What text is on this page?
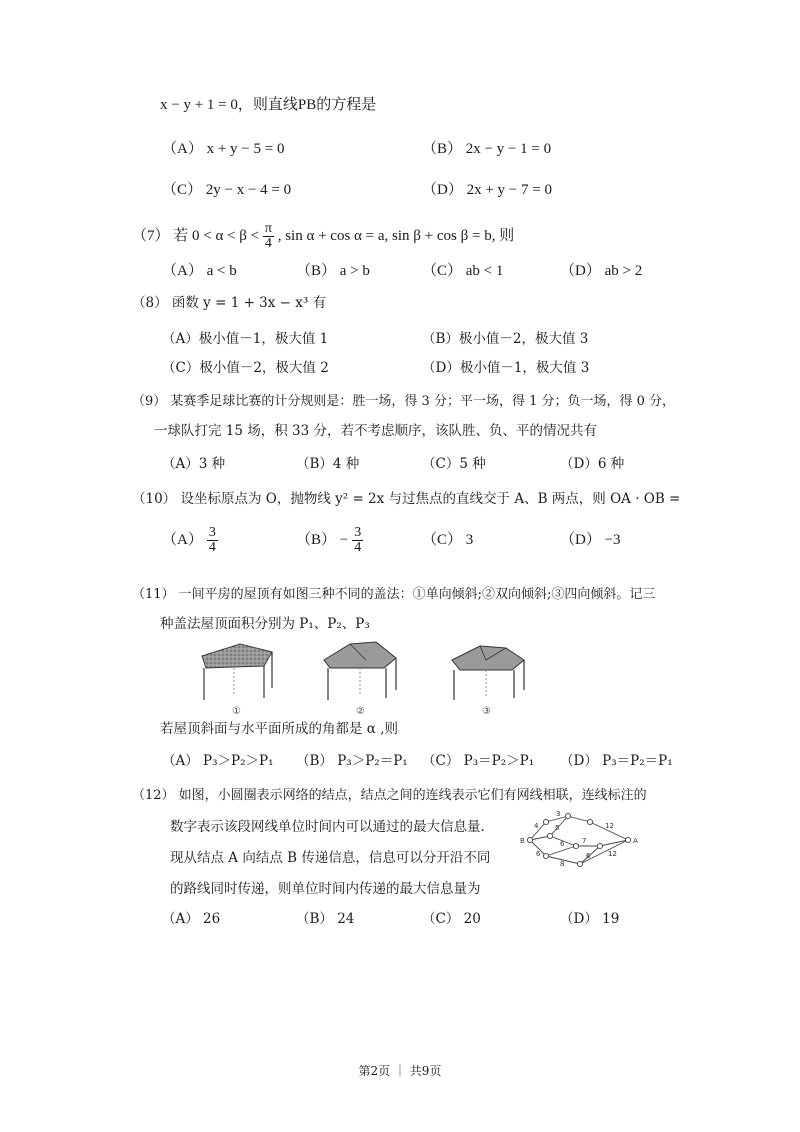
x − y + 1 = 0，则直线PB的方程是
（A） x + y − 5 = 0	（B） 2x − y − 1 = 0
（C） 2y − x − 4 = 0	（D） 2x + y − 7 = 0
（7） 若 $0 < \alpha < \beta < \frac{\pi}{4}$ , sin α + cos α = a, sin β + cos β = b, 则
（A） a < b	（B） a > b	（C） ab < 1	（D） ab > 2
（8） 函数 y = 1 + 3x − x³ 有
（A）极小值－1，极大值 1	（B）极小值－2，极大值 3
（C）极小值－2，极大值 2	（D）极小值－1，极大值 3
（9） 某赛季足球比赛的计分规则是：胜一场，得 3 分；平一场，得 1 分；负一场，得 0 分，
一球队打完 15 场，积 33 分，若不考虑顺序，该队胜、负、平的情况共有
（A）3 种	（B）4 种	（C）5 种	（D）6 种
（10） 设坐标原点为 O，抛物线 y² = 2x 与过焦点的直线交于 A、B 两点，则 OA · OB =
$(A) \frac{3}{4}$	$(B) - \frac{3}{4}$	（C） 3	（D） −3
（11） 一间平房的屋顶有如图三种不同的盖法：①单向倾斜;②双向倾斜;③四向倾斜。记三
种盖法屋顶面积分别为 P₁、P₂、P₃
①	②	③
若屋顶斜面与水平面所成的角都是 α ,则
（A） P₃＞P₂＞P₁ （B） P₃＞P₂＝P₁ （C） P₃＝P₂＞P₁ （D） P₃＝P₂＝P₁
（12） 如图，小圆圈表示网络的结点，结点之间的连线表示它们有网线相联，连线标注的
数字表示该段网线单位时间内可以通过的最大信息量.
现从结点 A 向结点 B 传递信息，信息可以分开沿不同
的路线同时传递，则单位时间内传递的最大信息量为
B	A
4
3
5
6
12
6	7
8
6	12
（A） 26	（B） 24	（C） 20	（D） 19
第2页 ｜ 共9页
